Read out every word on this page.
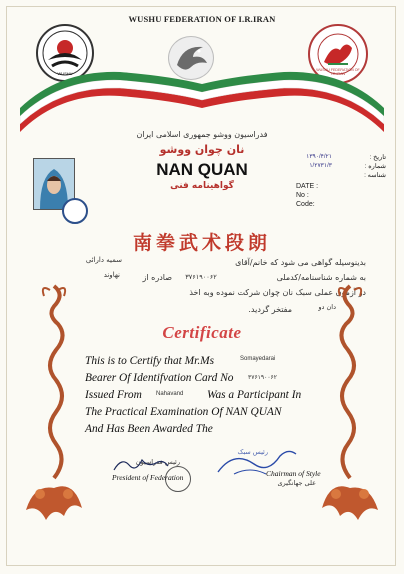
WUSHU FEDERATION OF I.R.IRAN
WUSHU
WUSHU FEDERATION OF I.R.IRAN
فدراسیون ووشو جمهوری اسلامی ایران
نان چوان ووشو
NAN QUAN
گواهینامه فنی
تاریخ :
شماره :
شناسه :
۱۳۹۰/۴/۲۱
۱/۲۷۳۱/۳
DATE :
No :
Code:
南拳武术段朗
بدینوسیله گواهی می شود که خانم/آقای
سمیه دارائی
به شماره شناسنامه/کدملی
۳۷۶۱۹۰۰۶۲
صادره از
نهاوند
در آزمون عملی سبک نان چوان شرکت نموده وبه اخذ
دان دو
مفتخر گردید.
Certificate
This is to Certify that Mr.Ms	Somayedarai
Bearer Of Identifvation Card No ۳۷۶۱۹۰۰۶۲
Issued From Nahavand Was a Participant In
The Practical Examination Of NAN QUAN
And Has Been Awarded The
رئیس فدراسیون
President of Federation
رئیس سبک
Chairman of Style
علی جهانگیری
